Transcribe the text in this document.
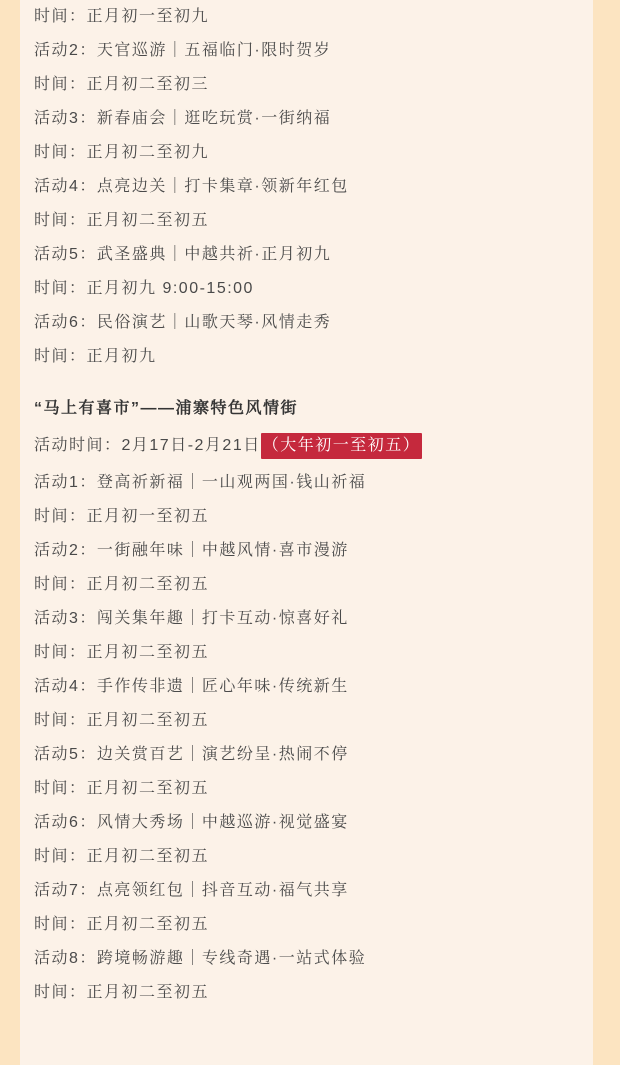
时间：正月初一至初九

活动2：天官巡游｜五福临门·限时贺岁

时间：正月初二至初三

活动3：新春庙会｜逛吃玩赏·一街纳福

时间：正月初二至初九

活动4：点亮边关｜打卡集章·领新年红包

时间：正月初二至初五

活动5：武圣盛典｜中越共祈·正月初九

时间：正月初九 9:00-15:00

活动6：民俗演艺｜山歌天琴·风情走秀

时间：正月初九

“马上有喜市”——浦寨特色风情街

活动时间：2月17日-2月21日 （大年初一至初五）

活动1：登高祈新福｜一山观两国·钱山祈福

时间：正月初一至初五

活动2：一街融年味｜中越风情·喜市漫游

时间：正月初二至初五

活动3：闯关集年趣｜打卡互动·惊喜好礼

时间：正月初二至初五

活动4：手作传非遗｜匠心年味·传统新生

时间：正月初二至初五

活动5：边关赏百艺｜演艺纷呈·热闹不停

时间：正月初二至初五

活动6：风情大秀场｜中越巡游·视觉盛宴

时间：正月初二至初五

活动7：点亮领红包｜抖音互动·福气共享

时间：正月初二至初五

活动8：跨境畅游趣｜专线奇遇·一站式体验

时间：正月初二至初五
